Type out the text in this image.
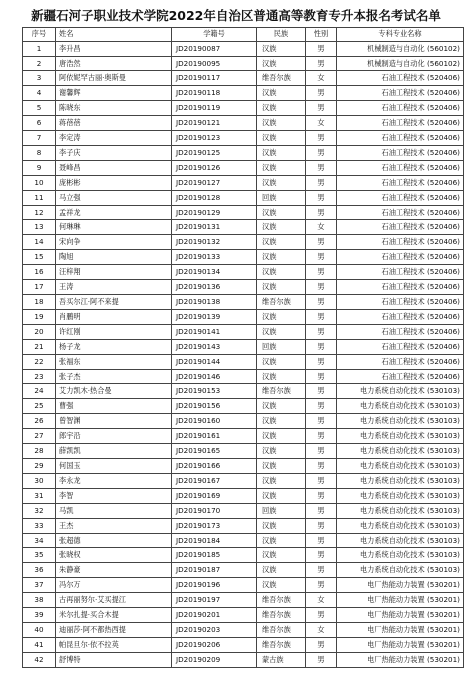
新疆石河子职业技术学院2022年自治区普通高等教育专升本报名考试名单
序号	姓名	学籍号	民族	性别	专科专业名称
1	李升昌	JD20190087	汉族	男	机械制造与自动化 (560102)
2	唐浩然	JD20190095	汉族	男	机械制造与自动化 (560102)
3	阿依妮罕古丽·奥斯曼	JD20190117	维吾尔族	女	石油工程技术 (520406)
4	谢馨辉	JD20190118	汉族	男	石油工程技术 (520406)
5	陈晓东	JD20190119	汉族	男	石油工程技术 (520406)
6	蒋蓓蓓	JD20190121	汉族	女	石油工程技术 (520406)
7	李定涛	JD20190123	汉族	男	石油工程技术 (520406)
8	李子庆	JD20190125	汉族	男	石油工程技术 (520406)
9	聂峰昌	JD20190126	汉族	男	石油工程技术 (520406)
10	庞彬彬	JD20190127	汉族	男	石油工程技术 (520406)
11	马立强	JD20190128	回族	男	石油工程技术 (520406)
12	孟祥龙	JD20190129	汉族	男	石油工程技术 (520406)
13	何琳琳	JD20190131	汉族	女	石油工程技术 (520406)
14	宋向争	JD20190132	汉族	男	石油工程技术 (520406)
15	陶旭	JD20190133	汉族	男	石油工程技术 (520406)
16	汪梓翔	JD20190134	汉族	男	石油工程技术 (520406)
17	王涛	JD20190136	汉族	男	石油工程技术 (520406)
18	吾买尔江·阿不来提	JD20190138	维吾尔族	男	石油工程技术 (520406)
19	肖鹏明	JD20190139	汉族	男	石油工程技术 (520406)
20	许红刚	JD20190141	汉族	男	石油工程技术 (520406)
21	杨子龙	JD20190143	回族	男	石油工程技术 (520406)
22	张福东	JD20190144	汉族	男	石油工程技术 (520406)
23	张子杰	JD20190146	汉族	男	石油工程技术 (520406)
24	艾力凯木·热合曼	JD20190153	维吾尔族	男	电力系统自动化技术 (530103)
25	曹强	JD20190156	汉族	男	电力系统自动化技术 (530103)
26	曾智渊	JD20190160	汉族	男	电力系统自动化技术 (530103)
27	郎宇沿	JD20190161	汉族	男	电力系统自动化技术 (530103)
28	薛凯凯	JD20190165	汉族	男	电力系统自动化技术 (530103)
29	何国玉	JD20190166	汉族	男	电力系统自动化技术 (530103)
30	李永龙	JD20190167	汉族	男	电力系统自动化技术 (530103)
31	李智	JD20190169	汉族	男	电力系统自动化技术 (530103)
32	马凯	JD20190170	回族	男	电力系统自动化技术 (530103)
33	王杰	JD20190173	汉族	男	电力系统自动化技术 (530103)
34	张超德	JD20190184	汉族	男	电力系统自动化技术 (530103)
35	张晓权	JD20190185	汉族	男	电力系统自动化技术 (530103)
36	朱静豪	JD20190187	汉族	男	电力系统自动化技术 (530103)
37	冯尔万	JD20190196	汉族	男	电厂热能动力装置 (530201)
38	古再丽努尔·艾买提江	JD20190197	维吾尔族	女	电厂热能动力装置 (530201)
39	米尔扎提·买合木提	JD20190201	维吾尔族	男	电厂热能动力装置 (530201)
40	迪丽莎·阿不都热西提	JD20190203	维吾尔族	女	电厂热能动力装置 (530201)
41	帕昆旦尔·依不拉英	JD20190206	维吾尔族	男	电厂热能动力装置 (530201)
42	舒博特	JD20190209	蒙古族	男	电厂热能动力装置 (530201)
